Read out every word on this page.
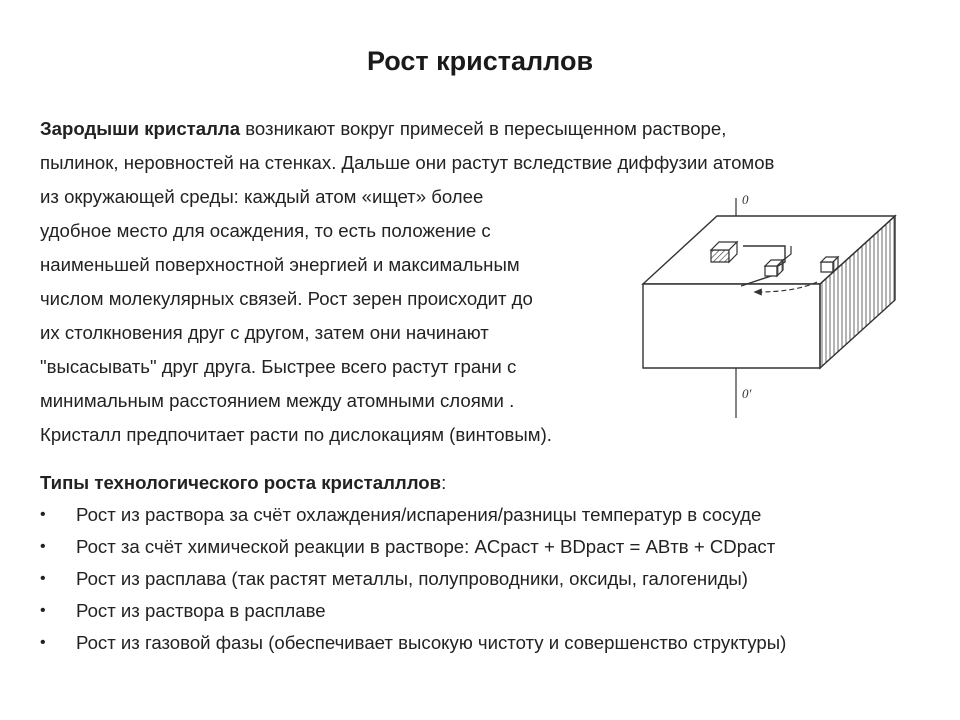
Рост кристаллов
Зародыши кристалла возникают вокруг примесей в пересыщенном растворе,
пылинок, неровностей на стенках. Дальше они растут вследствие диффузии атомов
из окружающей среды: каждый атом «ищет» более
удобное место для осаждения, то есть положение с
наименьшей поверхностной энергией и максимальным
числом молекулярных связей. Рост зерен происходит до
их столкновения друг с другом, затем они начинают
"высасывать" друг друга. Быстрее всего растут грани с
минимальным расстоянием между атомными слоями .
Кристалл предпочитает расти по дислокациям (винтовым).
0
0'
Типы технологического роста кристалллов:
• Рост из раствора за счёт охлаждения/испарения/разницы температур в сосуде
• Рост за счёт химической реакции в растворе: ACраст + BDраст = ABтв + CDраст
• Рост из расплава (так растят металлы, полупроводники, оксиды, галогениды)
• Рост из раствора в расплаве
• Рост из газовой фазы (обеспечивает высокую чистоту и совершенство структуры)
